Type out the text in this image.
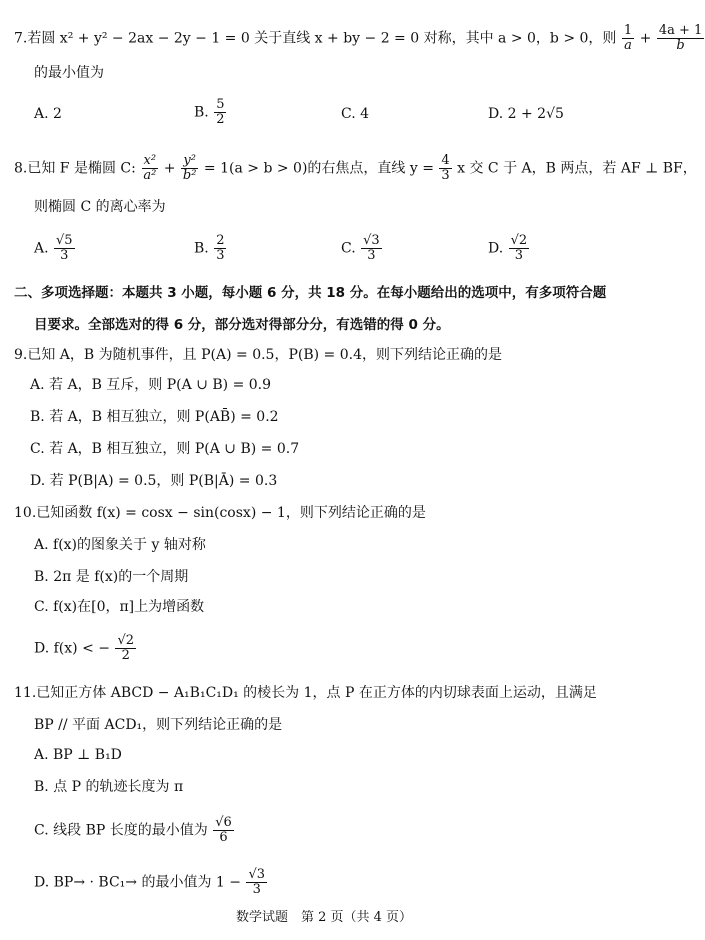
7.若圆 x² + y² − 2ax − 2y − 1 = 0 关于直线 x + by − 2 = 0 对称，其中 a > 0，b > 0，则 $\frac{1}{a} + \frac{4a + 1}{b}$
的最小值为
A. 2	B. $\frac{5}{2}$	C. 4	D. 2 + 2√5
8.已知 F 是椭圆 C: $\frac{\text{x²}}{\text{a²}} + \frac{\text{y²}}{\text{b²}} = 1(a > b > 0)$的右焦点，直线 $y = \frac{4}{3}$ x 交 C 于 A，B 两点，若 AF ⊥ BF，
则椭圆 C 的离心率为
A. $\frac{√5}{3}$	B. $\frac{2}{3}$	C. $\frac{√3}{3}$	D. $\frac{√2}{3}$
二、多项选择题：本题共 3 小题，每小题 6 分，共 18 分。在每小题给出的选项中，有多项符合题
目要求。全部选对的得 6 分，部分选对得部分分，有选错的得 0 分。
9.已知 A，B 为随机事件，且 P(A) = 0.5，P(B) = 0.4，则下列结论正确的是
A. 若 A，B 互斥，则 P(A ∪ B) = 0.9
B. 若 A，B 相互独立，则 P(AB̄) = 0.2
C. 若 A，B 相互独立，则 P(A ∪ B) = 0.7
D. 若 P(B|A) = 0.5，则 P(B|Ā) = 0.3
10.已知函数 f(x) = cosx − sin(cosx) − 1，则下列结论正确的是
A. f(x)的图象关于 y 轴对称
B. 2π 是 f(x)的一个周期
C. f(x)在[0，π]上为增函数
D. f(x) < − $\frac{√2}{2}$
11.已知正方体 ABCD − A₁B₁C₁D₁ 的棱长为 1，点 P 在正方体的内切球表面上运动，且满足
BP // 平面 ACD₁，则下列结论正确的是
A. BP ⊥ B₁D
B. 点 P 的轨迹长度为 π
C. 线段 BP 长度的最小值为 $\frac{√6}{6}$
D. BP→ · BC₁→ 的最小值为 $1 - \frac{√3}{3}$
数学试题　第 2 页（共 4 页）
